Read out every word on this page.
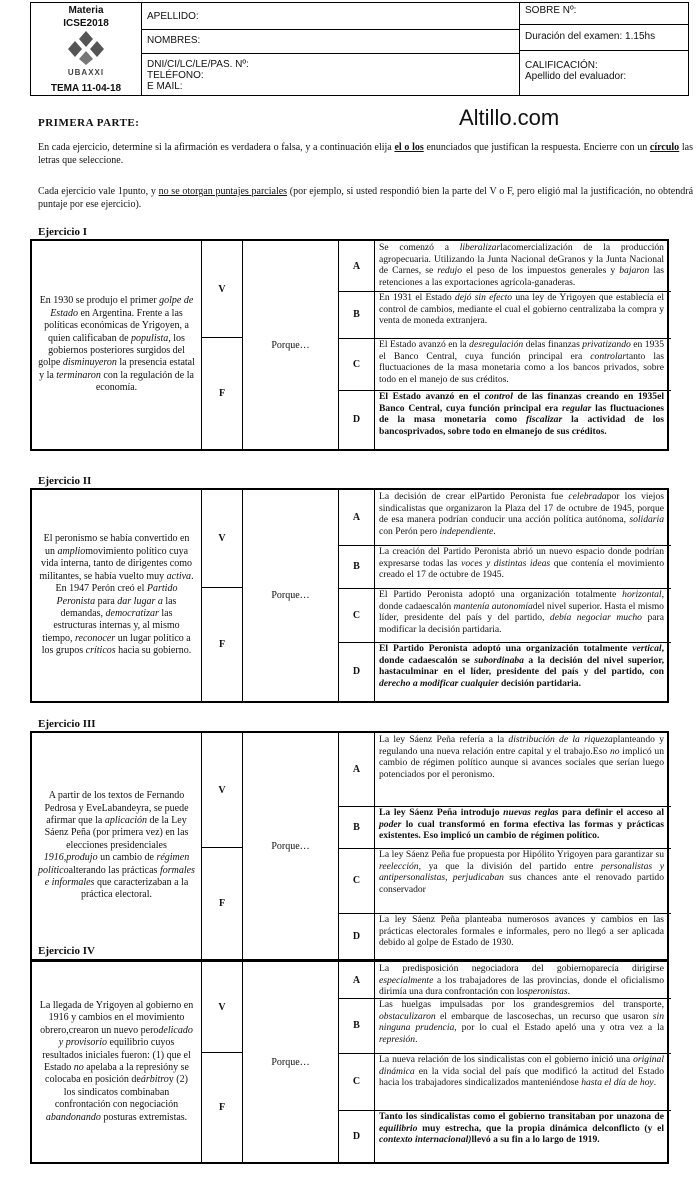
Materia
ICSE2018
UBAXXI
TEMA 11-04-18
APELLIDO:
NOMBRES:
DNI/CI/LC/LE/PAS. Nº:
TELÉFONO:
E MAIL:
SOBRE Nº:
Duración del examen: 1.15hs
CALIFICACIÓN:
Apellido del evaluador:
Altillo.com
PRIMERA PARTE:
En cada ejercicio, determine si la afirmación es verdadera o falsa, y a continuación elija el o los enunciados que justifican la respuesta. Encierre con un círculo las letras que seleccione.
Cada ejercicio vale 1punto, y no se otorgan puntajes parciales (por ejemplo, si usted respondió bien la parte del V o F, pero eligió mal la justificación, no obtendrá puntaje por ese ejercicio).
Ejercicio I
En 1930 se produjo el primer golpe de Estado en Argentina. Frente a las políticas económicas de Yrigoyen, a quien calificaban de populista, los gobiernos posteriores surgidos del golpe disminuyeron la presencia estatal y la terminaron con la regulación de la economía.
V
F
Porque…
A
Se comenzó a liberalizarlacomercialización de la producción agropecuaria. Utilizando la Junta Nacional deGranos y la Junta Nacional de Carnes, se redujo el peso de los impuestos generales y bajaron las retenciones a las exportaciones agrícola-ganaderas.
B
En 1931 el Estado dejó sin efecto una ley de Yrigoyen que establecía el control de cambios, mediante el cual el gobierno centralizaba la compra y venta de moneda extranjera.
C
El Estado avanzó en la desregulación delas finanzas privatizando en 1935 el Banco Central, cuya función principal era controlartanto las fluctuaciones de la masa monetaria como a los bancos privados, sobre todo en el manejo de sus créditos.
D
El Estado avanzó en el control de las finanzas creando en 1935el Banco Central, cuya función principal era regular las fluctuaciones de la masa monetaria como fiscalizar la actividad de los bancosprivados, sobre todo en elmanejo de sus créditos.
Ejercicio II
El peronismo se había convertido en un ampliomovimiento político cuya vida interna, tanto de dirigentes como militantes, se había vuelto muy activa. En 1947 Perón creó el Partido Peronista para dar lugar a las demandas, democratizar las estructuras internas y, al mismo tiempo, reconocer un lugar político a los grupos críticos hacia su gobierno.
V
F
Porque…
A
La decisión de crear elPartido Peronista fue celebradapor los viejos sindicalistas que organizaron la Plaza del 17 de octubre de 1945, porque de esa manera podrían conducir una acción política autónoma, solidaria con Perón pero independiente.
B
La creación del Partido Peronista abrió un nuevo espacio donde podrían expresarse todas las voces y distintas ideas que contenía el movimiento creado el 17 de octubre de 1945.
C
El Partido Peronista adoptó una organización totalmente horizontal, donde cadaescalón mantenía autonomíadel nivel superior. Hasta el mismo líder, presidente del país y del partido, debía negociar mucho para modificar la decisión partidaria.
D
El Partido Peronista adoptó una organización totalmente vertical, donde cadaescalón se subordinaba a la decisión del nivel superior, hastaculminar en el líder, presidente del país y del partido, con derecho a modificar cualquier decisión partidaria.
Ejercicio III
A partir de los textos de Fernando Pedrosa y EveLabandeyra, se puede afirmar que la aplicación de la Ley Sáenz Peña (por primera vez) en las elecciones presidenciales 1916,produjo un cambio de régimen políticoalterando las prácticas formales e informales que caracterizaban a la práctica electoral.
V
F
Porque…
A
La ley Sáenz Peña refería a la distribución de la riquezaplanteando y regulando una nueva relación entre capital y el trabajo.Eso no implicó un cambio de régimen político aunque si avances sociales que serían luego potenciados por el peronismo.
B
La ley Sáenz Peña introdujo nuevas reglas para definir el acceso al poder lo cual transformó en forma efectiva las formas y prácticas existentes. Eso implicó un cambio de régimen político.
C
La ley Sáenz Peña fue propuesta por Hipólito Yrigoyen para garantizar su reelección, ya que la división del partido entre personalistas y antipersonalistas, perjudicaban sus chances ante el renovado partido conservador
D
La ley Sáenz Peña planteaba numerosos avances y cambios en las prácticas electorales formales e informales, pero no llegó a ser aplicada debido al golpe de Estado de 1930.
Ejercicio IV
La llegada de Yrigoyen al gobierno en 1916 y cambios en el movimiento obrero,crearon un nuevo perodelicado y provisorio equilibrio cuyos resultados iniciales fueron: (1) que el Estado no apelaba a la represióny se colocaba en posición deárbitroy (2) los sindicatos combinaban confrontación con negociación abandonando posturas extremistas.
V
F
Porque…
A
La predisposición negociadora del gobiernoparecía dirigirse especialmente a los trabajadores de las provincias, donde el oficialismo dirimía una dura confrontación con losperonistas.
B
Las huelgas impulsadas por los grandesgremios del transporte, obstaculizaron el embarque de lascosechas, un recurso que usaron sin ninguna prudencia, por lo cual el Estado apeló una y otra vez a la represión.
C
La nueva relación de los sindicalistas con el gobierno inició una original dinámica en la vida social del país que modificó la actitud del Estado hacia los trabajadores sindicalizados manteniéndose hasta el día de hoy.
D
Tanto los sindicalistas como el gobierno transitaban por unazona de equilibrio muy estrecha, que la propia dinámica delconflicto (y el contexto internacional)llevó a su fin a lo largo de 1919.
